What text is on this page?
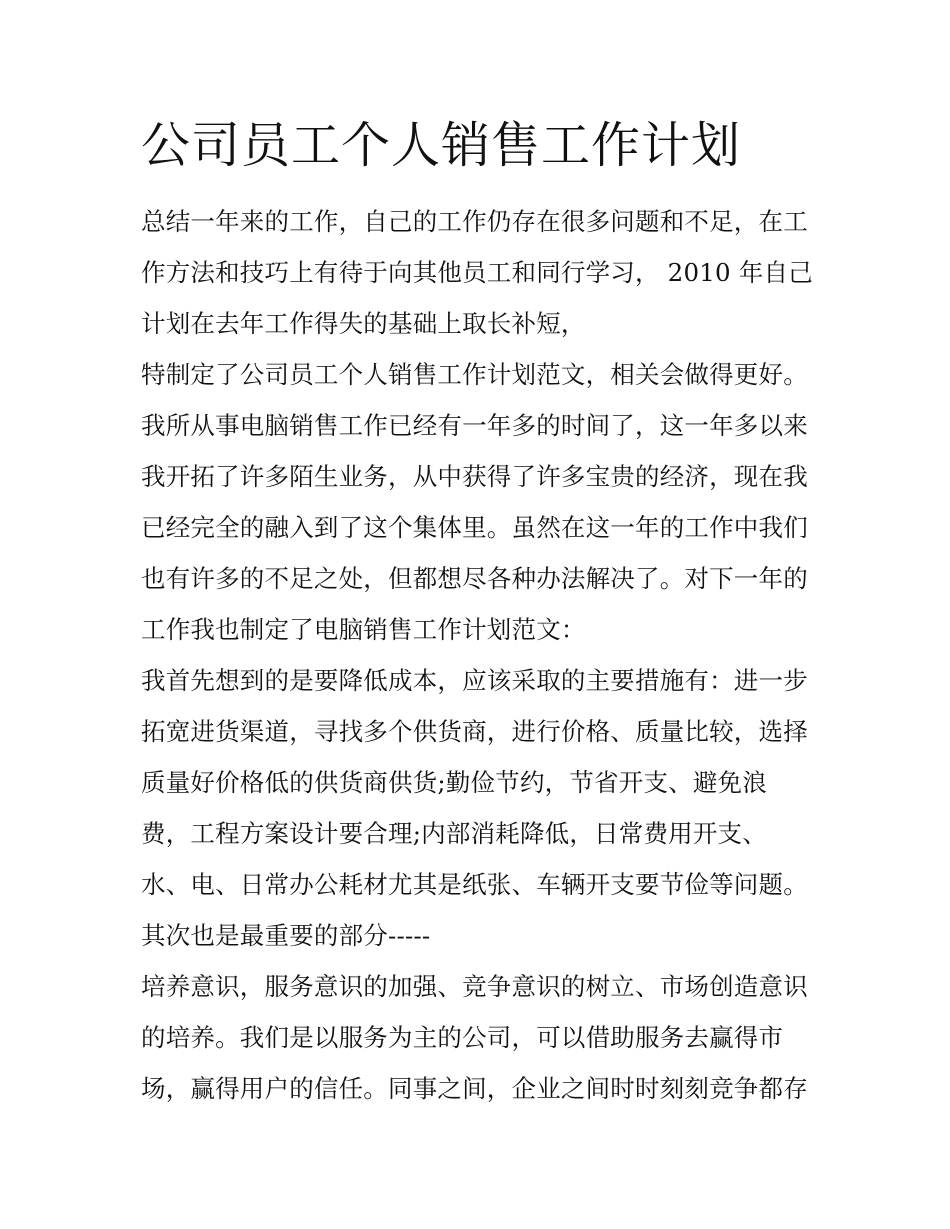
公司员工个人销售工作计划
总结一年来的工作，自己的工作仍存在很多问题和不足，在工
作方法和技巧上有待于向其他员工和同行学习， 2010 年自己
计划在去年工作得失的基础上取长补短，
特制定了公司员工个人销售工作计划范文，相关会做得更好。
我所从事电脑销售工作已经有一年多的时间了，这一年多以来
我开拓了许多陌生业务，从中获得了许多宝贵的经济，现在我
已经完全的融入到了这个集体里。虽然在这一年的工作中我们
也有许多的不足之处，但都想尽各种办法解决了。对下一年的
工作我也制定了电脑销售工作计划范文：
我首先想到的是要降低成本，应该采取的主要措施有：进一步
拓宽进货渠道，寻找多个供货商，进行价格、质量比较，选择
质量好价格低的供货商供货;勤俭节约，节省开支、避免浪
费，工程方案设计要合理;内部消耗降低，日常费用开支、
水、电、日常办公耗材尤其是纸张、车辆开支要节俭等问题。
其次也是最重要的部分-----
培养意识，服务意识的加强、竞争意识的树立、市场创造意识
的培养。我们是以服务为主的公司，可以借助服务去赢得市
场，赢得用户的信任。同事之间，企业之间时时刻刻竞争都存
